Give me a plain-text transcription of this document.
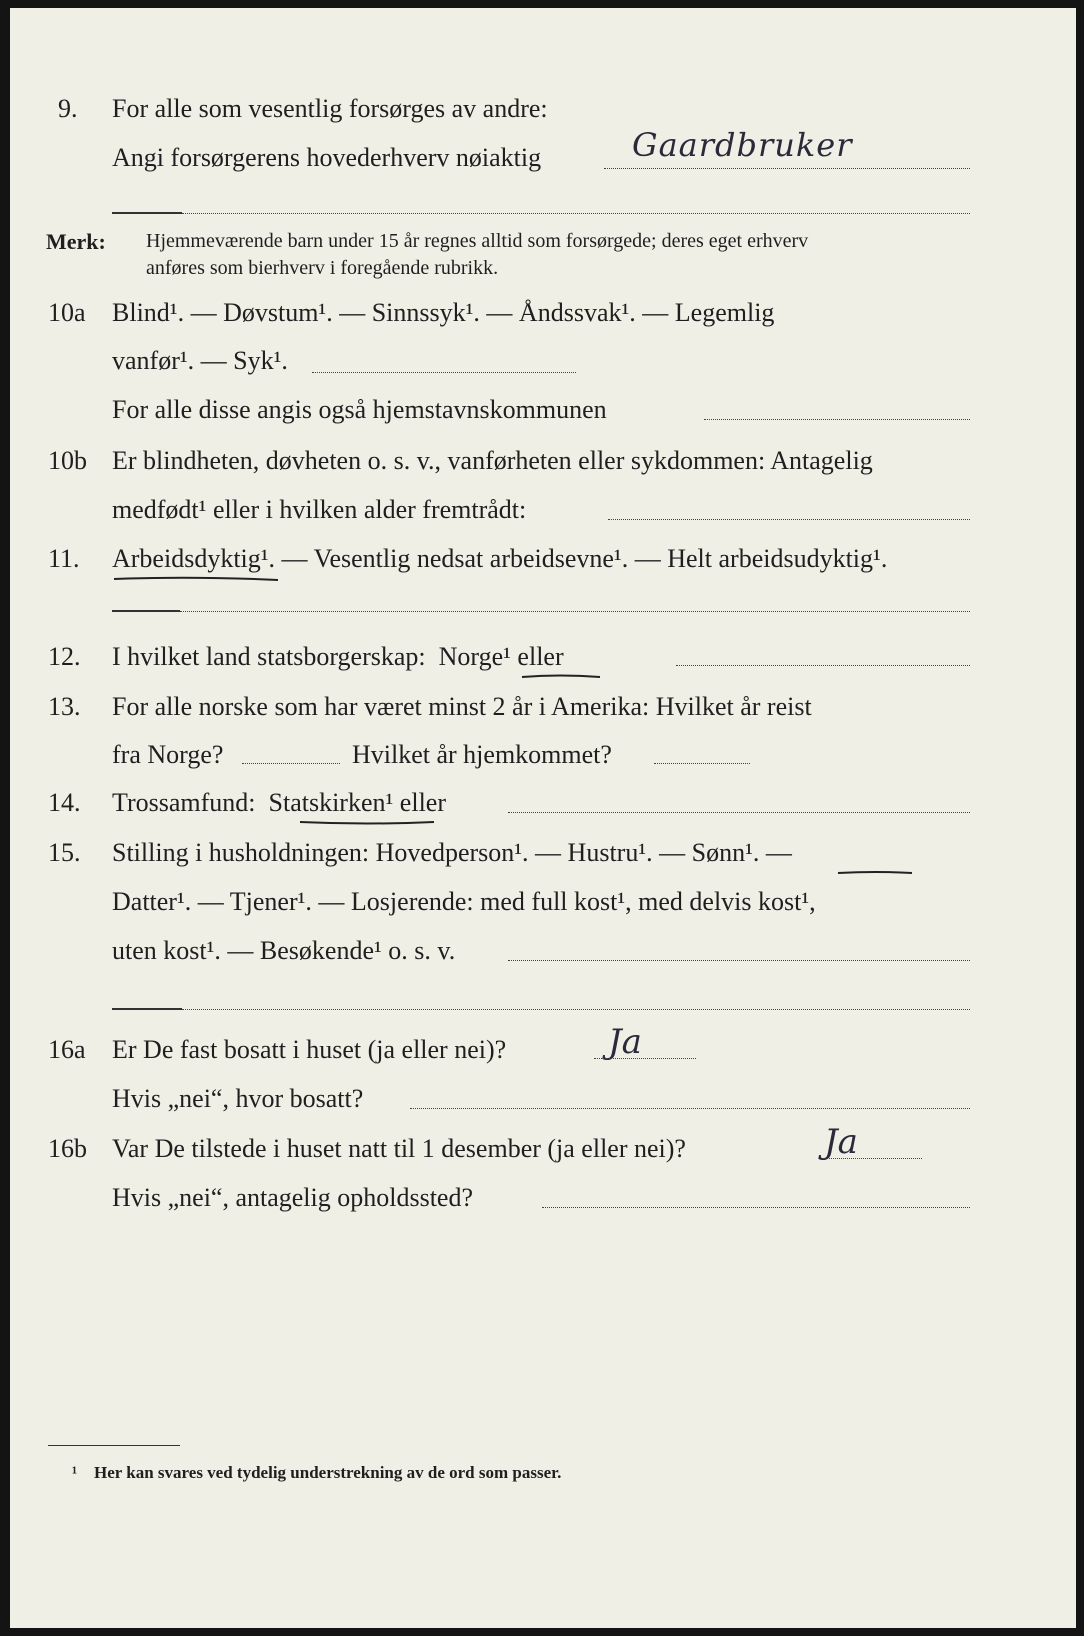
9. For alle som vesentlig forsørges av andre:
Angi forsørgerens hovederhverv nøiaktig	Gaardbruker
Merk: Hjemmeværende barn under 15 år regnes alltid som forsørgede; deres eget erhverv
anføres som bierhverv i foregående rubrikk.
10a Blind¹. — Døvstum¹. — Sinnssyk¹. — Åndssvak¹. — Legemlig
vanfør¹. — Syk¹.
For alle disse angis også hjemstavnskommunen
10b Er blindheten, døvheten o. s. v., vanførheten eller sykdommen: Antagelig
medfødt¹ eller i hvilken alder fremtrådt:
11. Arbeidsdyktig¹. — Vesentlig nedsat arbeidsevne¹. — Helt arbeidsudyktig¹.
12. I hvilket land statsborgerskap: Norge¹ eller
13. For alle norske som har været minst 2 år i Amerika: Hvilket år reist
fra Norge?	Hvilket år hjemkommet?
14. Trossamfund: Statskirken¹ eller
15. Stilling i husholdningen: Hovedperson¹. — Hustru¹. — Sønn¹. —
Datter¹. — Tjener¹. — Losjerende: med full kost¹, med delvis kost¹,
uten kost¹. — Besøkende¹ o. s. v.
16a Er De fast bosatt i huset (ja eller nei)?	Ja
Hvis „nei“, hvor bosatt?
16b Var De tilstede i huset natt til 1 desember (ja eller nei)?	Ja
Hvis „nei“, antagelig opholdssted?
¹ Her kan svares ved tydelig understrekning av de ord som passer.
